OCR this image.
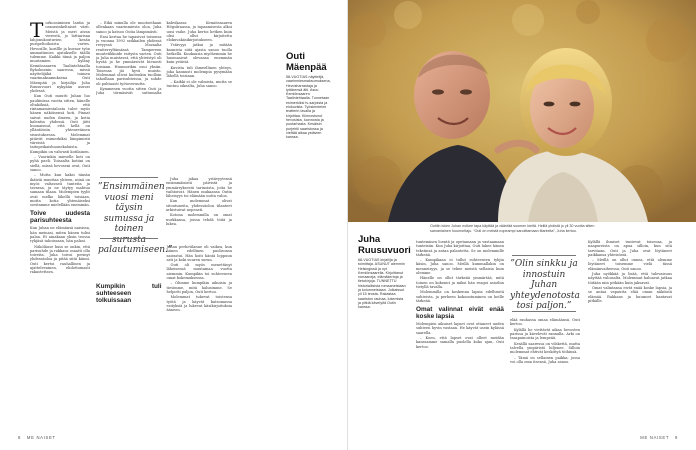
T urkoosiminen lantia ja oranssinkeltaiset värit. Meistä ja meri aivan vierestä, jo lattiarisaa lahjonukoutuvien kesän puripeltoihoista vartes. Hevosille, korillle ja kuvaor työn ammattimies ajatukselle täällä tulemme. Kaikki tämä ja paljon muutamien kyläny Kemiönsaaren Taalintehtaalla Byholmenin saaressa, missä näyttelijäkä toimen vaarimaksamuksena Outi Mäenpää ja kirjailija Juha Ruusuvuori nykyään asuvat yhdessä.

Kun Outi muutti Juhan luo pauliinissa vuotta sitten, hänelle oltaköksiä, että rintamamiestalosta tulee myös hänen näköisensä koti. Pinnat saivat uuden ilmeen, ja kotia kalentin yhdessä. Outi jätti huonaisuut, että hellä on ylläntöisiin yhteneväinen sisustuksessa. Molemmat pitävät esimerkiksi lämpimistä väreistä ja taitopeikaishuonekaluista. Kumpikin on vahvasti kotilainen.

– Vuorinkin mieselle koti on pyhä paeli. Toisaalta kotiini on siellä, missä hevoseni ovat, Outi sanoo.

– Mutta kun kaksi tämän ikäistä muuttaa yhteen, niinä on myös valtavasti tunteita ja tavaraa, ja ne täytyy mahtua samaan tilaan. Molempien tyylit ovat melko lähellä toisiaan, mutta kotia yhtenäiseksi sovitamme mielellään enemmän.

Toive uudesta parisuhteesta

Kun Juhan ne elämänsä naisissa, hän meinasi, miten hänen tulisi palaa. Et ainakaan yksin teossa ryhjäsä tahoissaan, hän palasi.

Näköläuse huin se onkin, että parisuhde ja rakkaus osaatti olla toiveita. Juha toivoi perinyt yhdessäoloa ja pitää siitä kiinni. Outi kertoi rauhallinen ja ajattelevainen, ehdottomasti rakastettava.

– Eikä minulla ole muotoeihaan ollenkaan vaarinmiesta oloa, Juha sanoo ja katsoo Outia lämpimästi.

Ensi kertaa he tapasivat toisensa jo vuonna 1992 seikkailen yhdessä revyyssä Mozaalia reatterryltämässä Tampereen muutetikkoide esitysta varten. Outi ja Juha muistavat, että yhteistyö oli hyvää ja he ymmärsivät hienosti toisiaan. Huumorikin osui yksiin. Toisensa jäi hyvä muisto. Molemmat olivat kuitenkin tuolloin tahoillaan parisuhteissa, ja sohde oli puhtaasti työtoveruutta.

Kymmenen vuotta sitten Outi ja Juha törmäsivät sattumalta kahvikassa Kemiönsaaren Högsåraassa, ja tapaamisesta alkoi uusi vaihe. Juha kertoi hetken kuin olisi ollut kirjoitettu elokuvakäsikirjoitukseen.

Ystävyys jatkui ja mitään kaunista siitä ajasta sanoo tuolla hetkellä. Kuukausia myöhemmin he huomasivat olevansa enemmän kuin ystäviä.

Kuvista tuli ihmeellinen yhteys, joka kannusti molempia pysymään lähellä toisiaan.

– Kaikki ei ole valmista, mutta se tuntuu oikealta, Juha sanoo.

”Ensimmäinen vuosi meni täysin sumussa ja toinen surusta palautumiseen.”

Juha jakaa ystävyytensä ensimmäisistä päivistä ja ymmärryksestä tarinoista, joita he vaihtoivat. Hänen mukaansa Outin läheisyys toi elämään uutta valoa.

Kun molemmat olivat sitoutuneita, yhdessäolon tilanteet arkistuivat nopeasti.

Kotona molemmilla on omat nurkkansa, joissa tehdä töitä ja lukea.

Kumpikin tuli suhteeseen tolkuissaan

Juhan perhetilanne oli vaikea, kun hänen edellinen puolisonsa sairastui. Hän hoiti häntä loppuun asti ja koki suuren surun.

Outi oli myös menettänyt läheisensä muutamaa vuotta aiemmin. Kumpikin toi suhteeseen omat kokemuksensa.

– Olimme kumpikin aikuisia ja tiesimme, mitä halusimme. Se helpotti paljon, Outi kertoo.

Molemmat tukevat toistensa työtä ja käyvät katsomassa esityksiä ja lukevat käsikirjoituksia ääneen.

Outi Mäenpää
58-VUOTIAS näyttelijä, vaarinmiesmaksumuksena, Hevosharrastaja ja tyttärensä äiti. Asuu Kemiönsaaren Taalintehtaalla. Tunnetaan esimerkiksi tv-sarjoista ja elokuvista. Työskentelee teatterin lavalla ja kirjoittaa. Kiinnostunut hevosista, luonnosta ja puutarhasta. Kesäisin purjehtii saaristossa ja viettää aikaa ystävien kanssa.
8 ME NAISET
Outilin isken Juhan nolkee tapa käyttää ja vääntää suomen kieltä. Heillä yhdistä jo yli 30 vuotta sitten samanlainen huumoritaju. “Outi on meistä nopeampi sanoittamaan tilanteita”, Juha kertoo.
Juha Ruusuvuori
68-VUOTIAS kirjailija ja toimittaja. ASUNUT aiemmin Helsingissä ja nyt Kemiönsaarella. Kirjoittanut romaaneja, elämäkertoja ja tietokirjoja. TUNNETTU historiallisista romaaneistaan ja kolumneistaan. Julkaissut yli 15 teosta. Rakastaa saariston rauhaa, lukemista ja pitkiä kävelyitä Outin kanssa.

tunteminen loentä ja opetamaan ja vastaamaan tunteisiin. Kun Juha kirjoittaa, Outi lukee hänen tekstinsä ja antaa palautetta. Se on molemmille tärkeää.

– Kumpikaan ei tullut suhteeseen tyhjin käsin, Juha sanoo. Meillä kummallakin on menneisyys, ja se tekee meistä sellaisia kuin olemme.

Hänelle on ollut tärkeää ymmärtää, mitä toinen on kokenut ja miksi hän reagoi asioihin tietyllä tavalla.

Molemmilla on koskenna lapsia edellisistä suhteista, ja perheen kokoontuminen on heille tärkeää.

Omat valinnat eivät enää koske lapsia

Molempien aikuiset lapset ovat ottaneet uuden suhteen hyvin vastaan. He käyvät usein kylässä saarella.

– Koen, että lapset ovat olleet meidän kanssamme samalla puolella koko ajan, Outi kertoo.

”Olin sinkku ja innostuin Juhan yhteydenotosta tosi paljon.”

elää rauhassa omaa elämäänsä, Outi kertoo.

Kylällä he viettävät aikaa hevosten parissa ja kävelevät rannalla. Arki on tasapainoista ja lempeää.

Kesällä saaressa on vilskettä, mutta talvella ympäristö hiljenee. Silloin molemmat ehtivät keskittyä töihinsä.

– Tämä on sellainen paikka, jossa voi olla oma itsensä, Juha sanoo.

Kylällä ihmiset tuntevat toisensa, ja naapureista on apua silloin, kun sitä tarvitaan. Outi ja Juha ovat löytäneet paikkansa yhteisössä.

– Meillä on ollut onnea, että olemme löytäneet toisemme vielä tässä elämänvaiheessa, Outi sanoo.

Juha nyökkää ja lisää, että tulevaisuus näyttää valoisalta. Molemmat haluavat jatkaa töitään niin pitkään kuin jaksavat.

Omat valintansa eivät enää koske lapsia, ja se antaa vapautta elää oman näköistä elämää. Rakkaus ja huumori kantavat pitkälle.

ME NAISET 9
